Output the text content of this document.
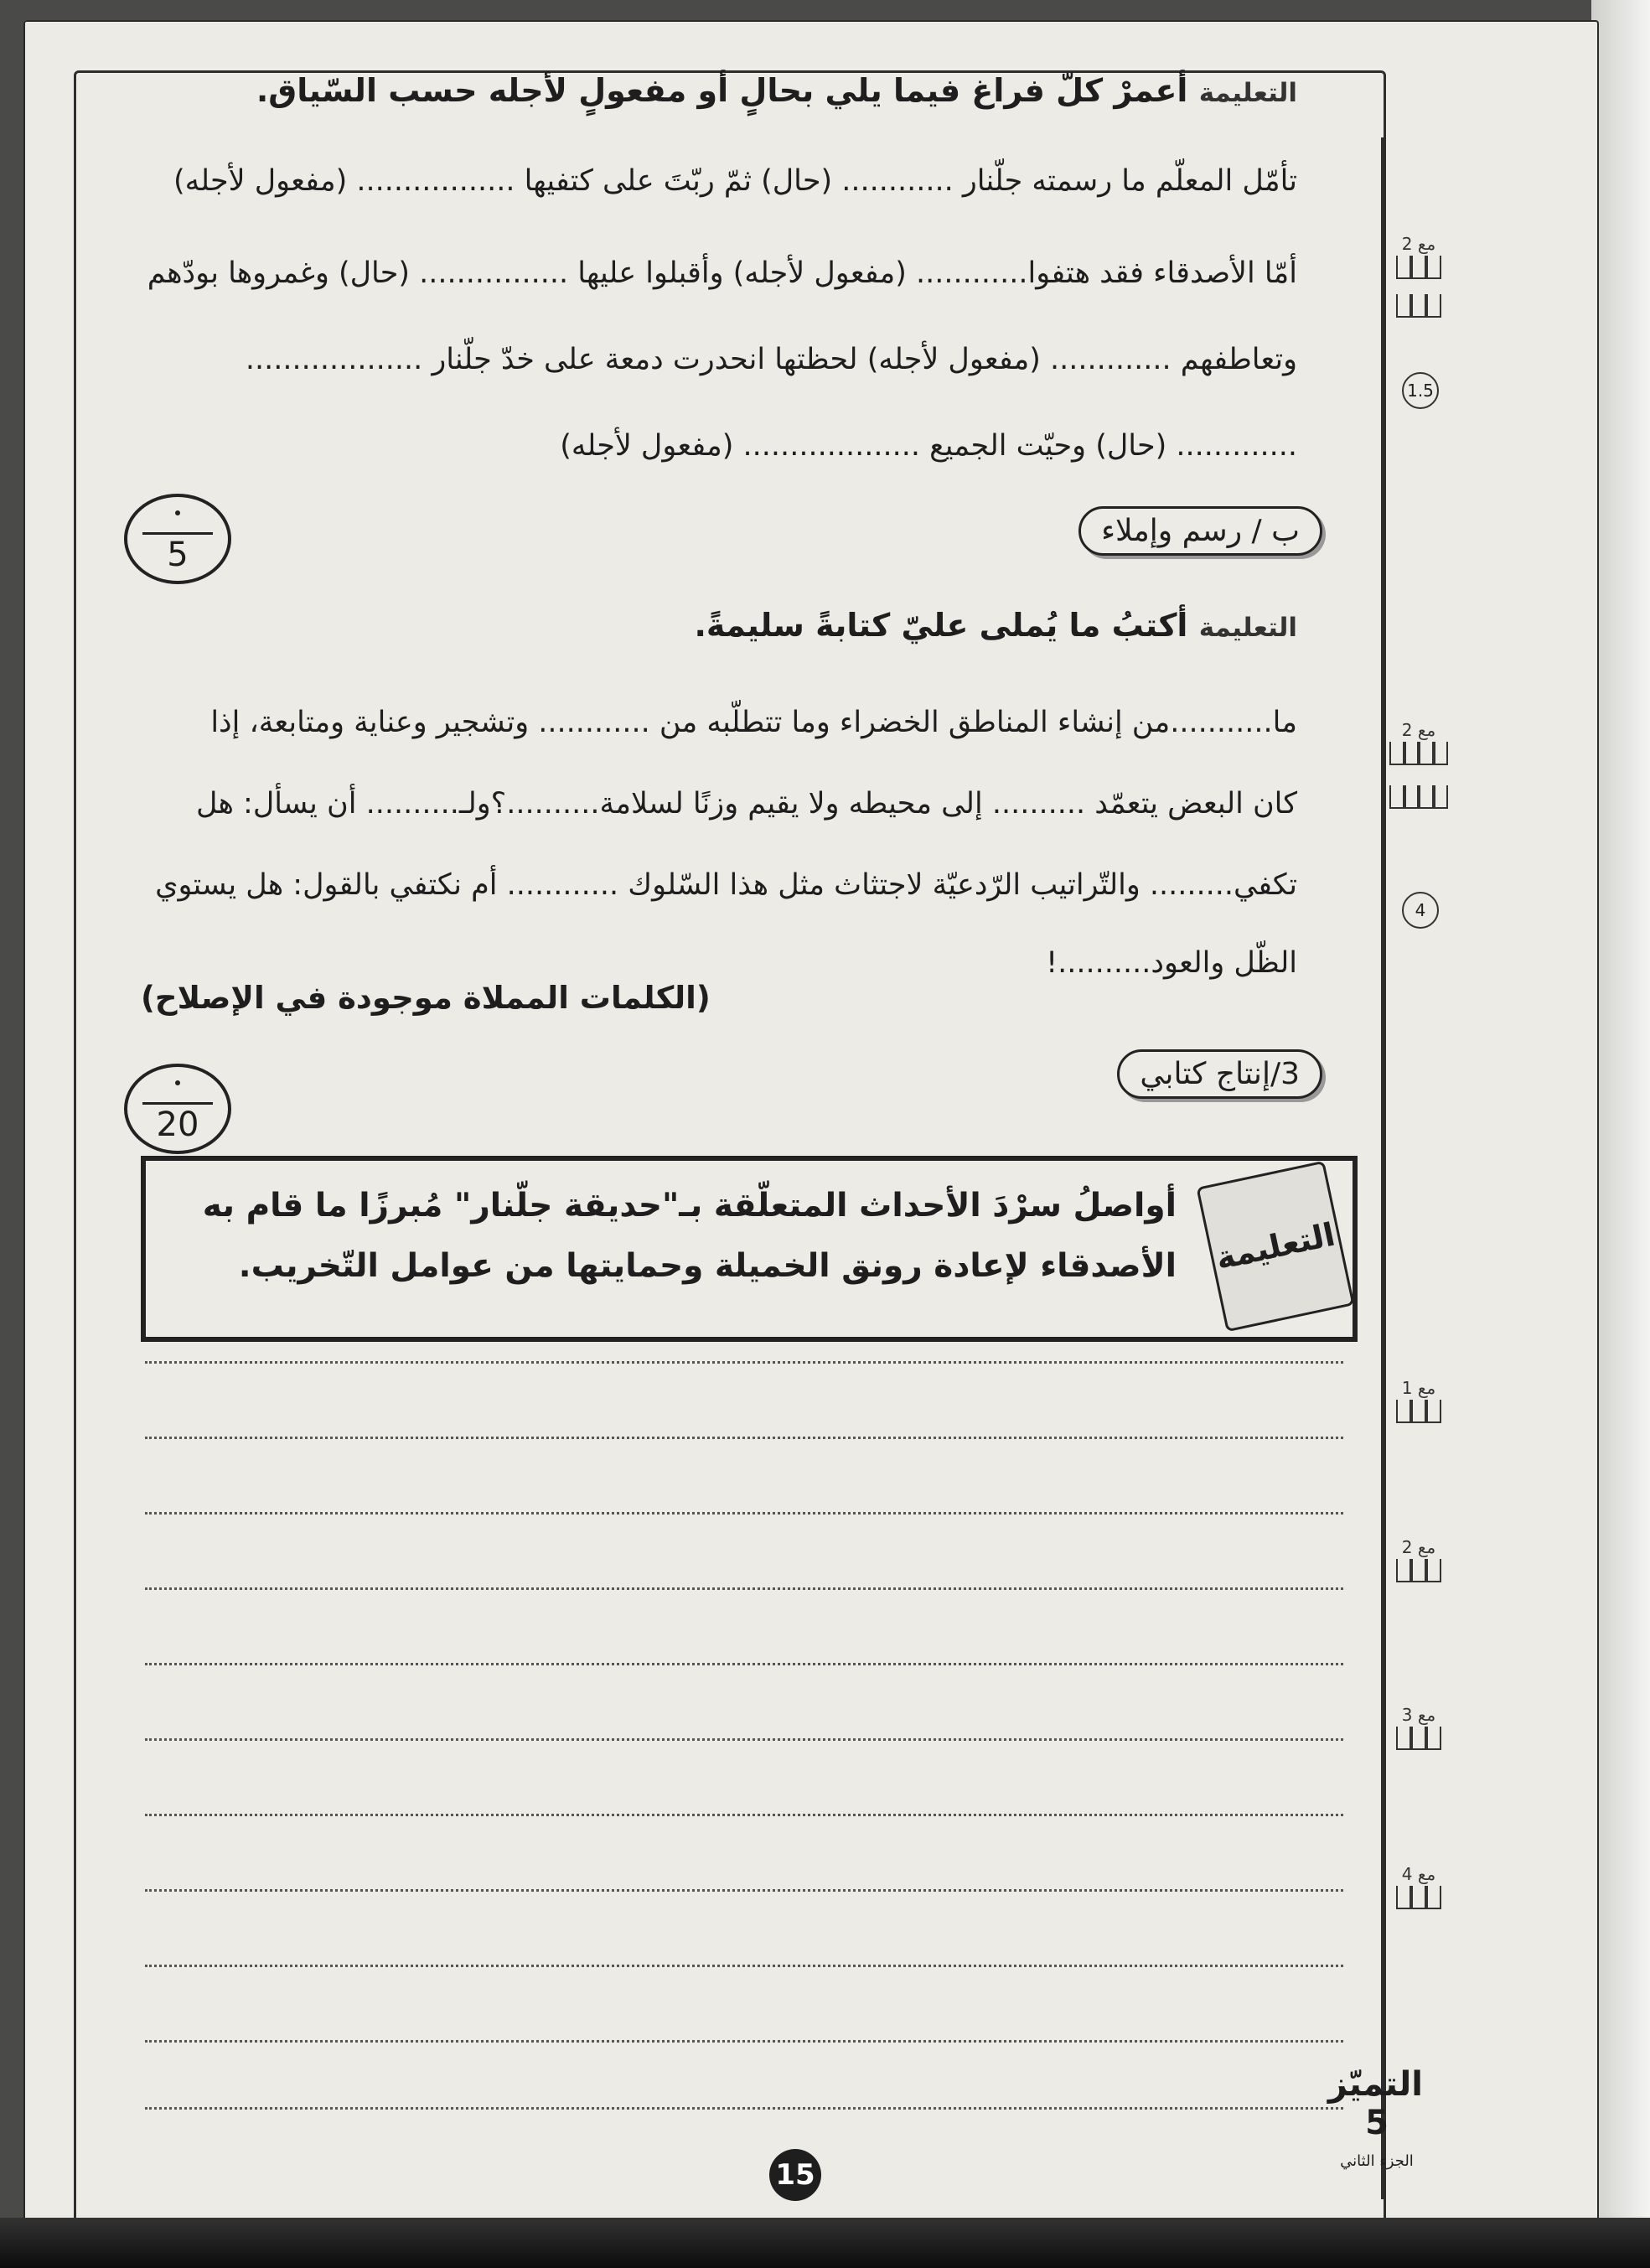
التعليمة أعمرْ كلّ فراغ فيما يلي بحالٍ أو مفعولٍ لأجله حسب السّياق.
تأمّل المعلّم ما رسمته جلّنار ............ (حال) ثمّ ربّتَ على كتفيها ................. (مفعول لأجله)
أمّا الأصدقاء فقد هتفوا............ (مفعول لأجله) وأقبلوا عليها ................ (حال) وغمروها بودّهم
وتعاطفهم ............. (مفعول لأجله) لحظتها انحدرت دمعة على خدّ جلّنار ...................
............. (حال) وحيّت الجميع ................... (مفعول لأجله)
5
ب / رسم وإملاء
التعليمة أكتبُ ما يُملى عليّ كتابةً سليمةً.
ما...........من إنشاء المناطق الخضراء وما تتطلّبه من ............ وتشجير وعناية ومتابعة، إذا
كان البعض يتعمّد .......... إلى محيطه ولا يقيم وزنًا لسلامة..........؟ولـ.......... أن يسأل: هل
تكفي......... والتّراتيب الرّدعيّة لاجتثاث مثل هذا السّلوك ............ أم نكتفي بالقول: هل يستوي
الظّل والعود..........!
(الكلمات المملاة موجودة في الإصلاح)
3/إنتاج كتابي
20
أواصلُ سرْدَ الأحداث المتعلّقة بـ"حديقة جلّنار" مُبرزًا ما قام به الأصدقاء لإعادة رونق الخميلة وحمايتها من عوامل التّخريب.	التعليمة
مع 2
1.5
مع 2
4
مع 1
مع 2
مع 3
مع 4
15
التميّز 5
الجزء الثاني
